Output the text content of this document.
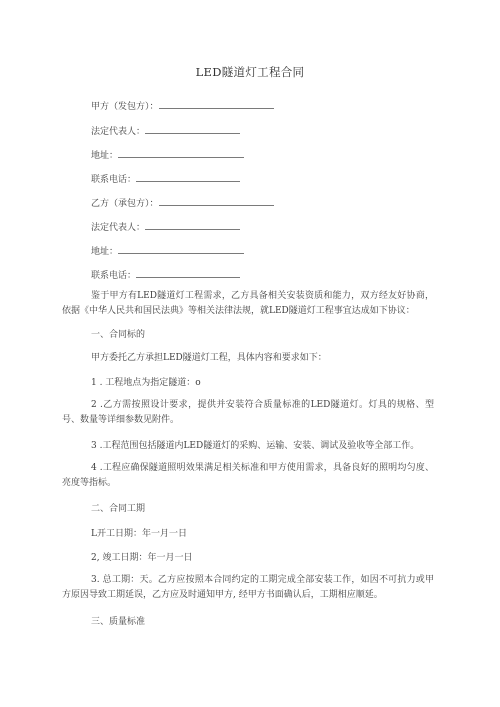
LED隧道灯工程合同
甲方（发包方）：
法定代表人：
地址：
联系电话：
乙方（承包方）：
法定代表人：
地址：
联系电话：
鉴于甲方有LED隧道灯工程需求，乙方具备相关安装资质和能力，双方经友好协商，依据《中华人民共和国民法典》等相关法律法规，就LED隧道灯工程事宜达成如下协议：
一、合同标的
甲方委托乙方承担LED隧道灯工程，具体内容和要求如下：
1 . 工程地点为指定隧道：o
2 .乙方需按照设计要求，提供并安装符合质量标准的LED隧道灯。灯具的规格、型号、数量等详细参数见附件。
3 .工程范围包括隧道内LED隧道灯的采购、运输、安装、调试及验收等全部工作。
4 .工程应确保隧道照明效果满足相关标准和甲方使用需求，具备良好的照明均匀度、亮度等指标。
二、合同工期
L开工日期：年一月一日
2, 竣工日期：年一月一日
3. 总工期：天。乙方应按照本合同约定的工期完成全部安装工作，如因不可抗力或甲方原因导致工期延误，乙方应及时通知甲方, 经甲方书面确认后，工期相应顺延。
三、质量标准
